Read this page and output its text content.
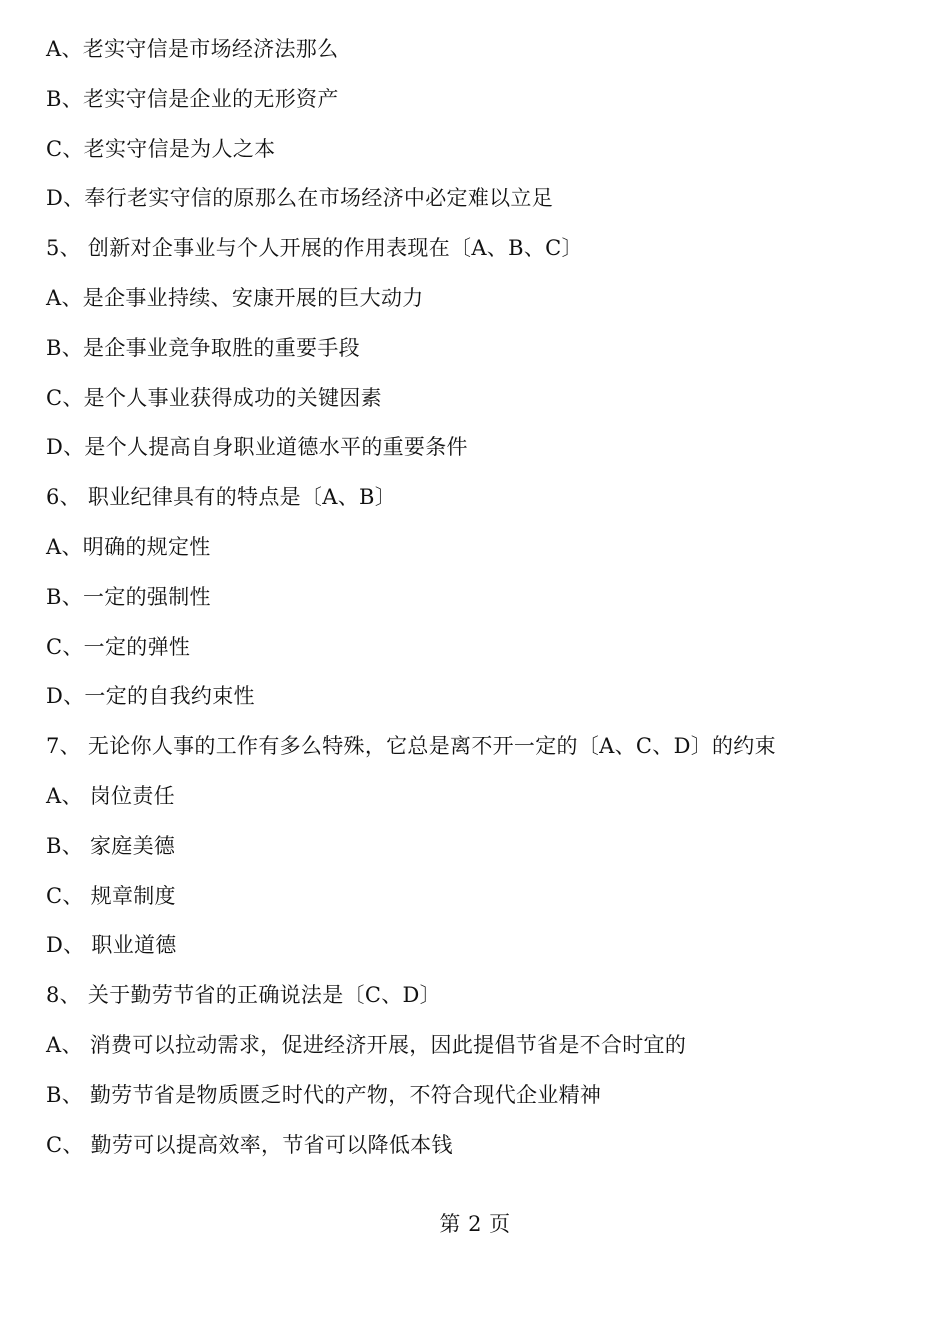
A、老实守信是市场经济法那么
B、老实守信是企业的无形资产
C、老实守信是为人之本
D、奉行老实守信的原那么在市场经济中必定难以立足
5、 创新对企事业与个人开展的作用表现在〔A、B、C〕
A、是企事业持续、安康开展的巨大动力
B、是企事业竞争取胜的重要手段
C、是个人事业获得成功的关键因素
D、是个人提高自身职业道德水平的重要条件
6、 职业纪律具有的特点是〔A、B〕
A、明确的规定性
B、一定的强制性
C、一定的弹性
D、一定的自我约束性
7、 无论你人事的工作有多么特殊，它总是离不开一定的〔A、C、D〕的约束
A、 岗位责任
B、 家庭美德
C、 规章制度
D、 职业道德
8、 关于勤劳节省的正确说法是〔C、D〕
A、 消费可以拉动需求，促进经济开展，因此提倡节省是不合时宜的
B、 勤劳节省是物质匮乏时代的产物，不符合现代企业精神
C、 勤劳可以提高效率，节省可以降低本钱
第 2 页
